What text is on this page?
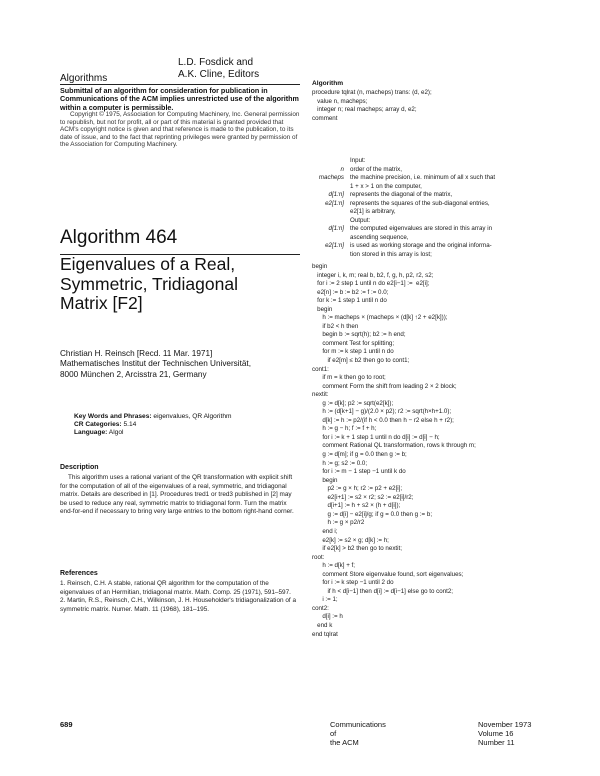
Algorithms
L.D. Fosdick and
A.K. Cline, Editors
Submittal of an algorithm for consideration for publication in Communications of the ACM implies unrestricted use of the algorithm within a computer is permissible.
Copyright © 1975, Association for Computing Machinery, Inc. General permission to republish, but not for profit, all or part of this material is granted provided that ACM's copyright notice is given and that reference is made to the publication, to its date of issue, and to the fact that reprinting privileges were granted by permission of the Association for Computing Machinery.
Algorithm 464
Eigenvalues of a Real,
Symmetric, Tridiagonal
Matrix [F2]
Christian H. Reinsch [Recd. 11 Mar. 1971]
Mathematisches Institut der Technischen Universität,
8000 München 2, Arcisstra 21, Germany
Key Words and Phrases: eigenvalues, QR Algorithm
CR Categories: 5.14
Language: Algol
Description
This algorithm uses a rational variant of the QR transformation with explicit shift for the computation of all of the eigenvalues of a real, symmetric, and tridiagonal matrix. Details are described in [1]. Procedures tred1 or tred3 published in [2] may be used to reduce any real, symmetric matrix to tridiagonal form. Turn the matrix end-for-end if necessary to bring very large entries to the bottom right-hand corner.
References
1. Reinsch, C.H. A stable, rational QR algorithm for the computation of the eigenvalues of an Hermitian, tridiagonal matrix. Math. Comp. 25 (1971), 591–597.
2. Martin, R.S., Reinsch, C.H., Wilkinson, J. H. Householder's tridiagonalization of a symmetric matrix. Numer. Math. 11 (1968), 181–195.
689
Algorithm
procedure tqlrat (n, macheps) trans: (d, e2);
value n, macheps;
integer n; real macheps; array d, e2;
comment
Input:
n order of the matrix,
macheps the machine precision, i.e. minimum of all x such that
1 + x > 1 on the computer,
d[1:n] represents the diagonal of the matrix,
e2[1:n] represents the squares of the sub-diagonal entries,
e2[1] is arbitrary,
Output:
d[1:n] the computed eigenvalues are stored in this array in
ascending sequence,
e2[1:n] is used as working storage and the original informa-
tion stored in this array is lost;
begin
integer i, k, m; real b, b2, f, g, h, p2, r2, s2;
for i := 2 step 1 until n do e2[i−1] :=  e2[i];
e2[n] := b := b2 := f := 0.0;
for k := 1 step 1 until n do
begin
h := macheps × (macheps × (d[k] ↑2 + e2[k]));
if b2 < h then
begin b := sqrt(h); b2 := h end;
comment Test for splitting;
for m := k step 1 until n do
if e2[m] ≤ b2 then go to cont1;
cont1:
if m = k then go to root;
comment Form the shift from leading 2 × 2 block;
nextit:
g := d[k]; p2 := sqrt(e2[k]);
h := (d[k+1] − g)/(2.0 × p2); r2 := sqrt(h×h+1.0);
d[k] := h := p2/(if h < 0.0 then h − r2 else h + r2);
h := g − h; f := f + h;
for i := k + 1 step 1 until n do d[i] := d[i] − h;
comment Rational QL transformation, rows k through m;
g := d[m]; if g = 0.0 then g := b;
h := g; s2 := 0.0;
for i := m − 1 step −1 until k do
begin
p2 := g × h; r2 := p2 + e2[i];
e2[i+1] := s2 × r2; s2 := e2[i]/r2;
d[i+1] := h + s2 × (h + d[i]);
g := d[i] − e2[i]/g; if g = 0.0 then g := b;
h := g × p2/r2
end i;
e2[k] := s2 × g; d[k] := h;
if e2[k] > b2 then go to nextit;
root:
h := d[k] + f;
comment Store eigenvalue found, sort eigenvalues;
for i := k step −1 until 2 do
if h < d[i−1] then d[i] := d[i−1] else go to cont2;
i := 1;
cont2:
d[i] := h
end k
end tqlrat
Communications
of
the ACM
November 1973
Volume 16
Number 11
